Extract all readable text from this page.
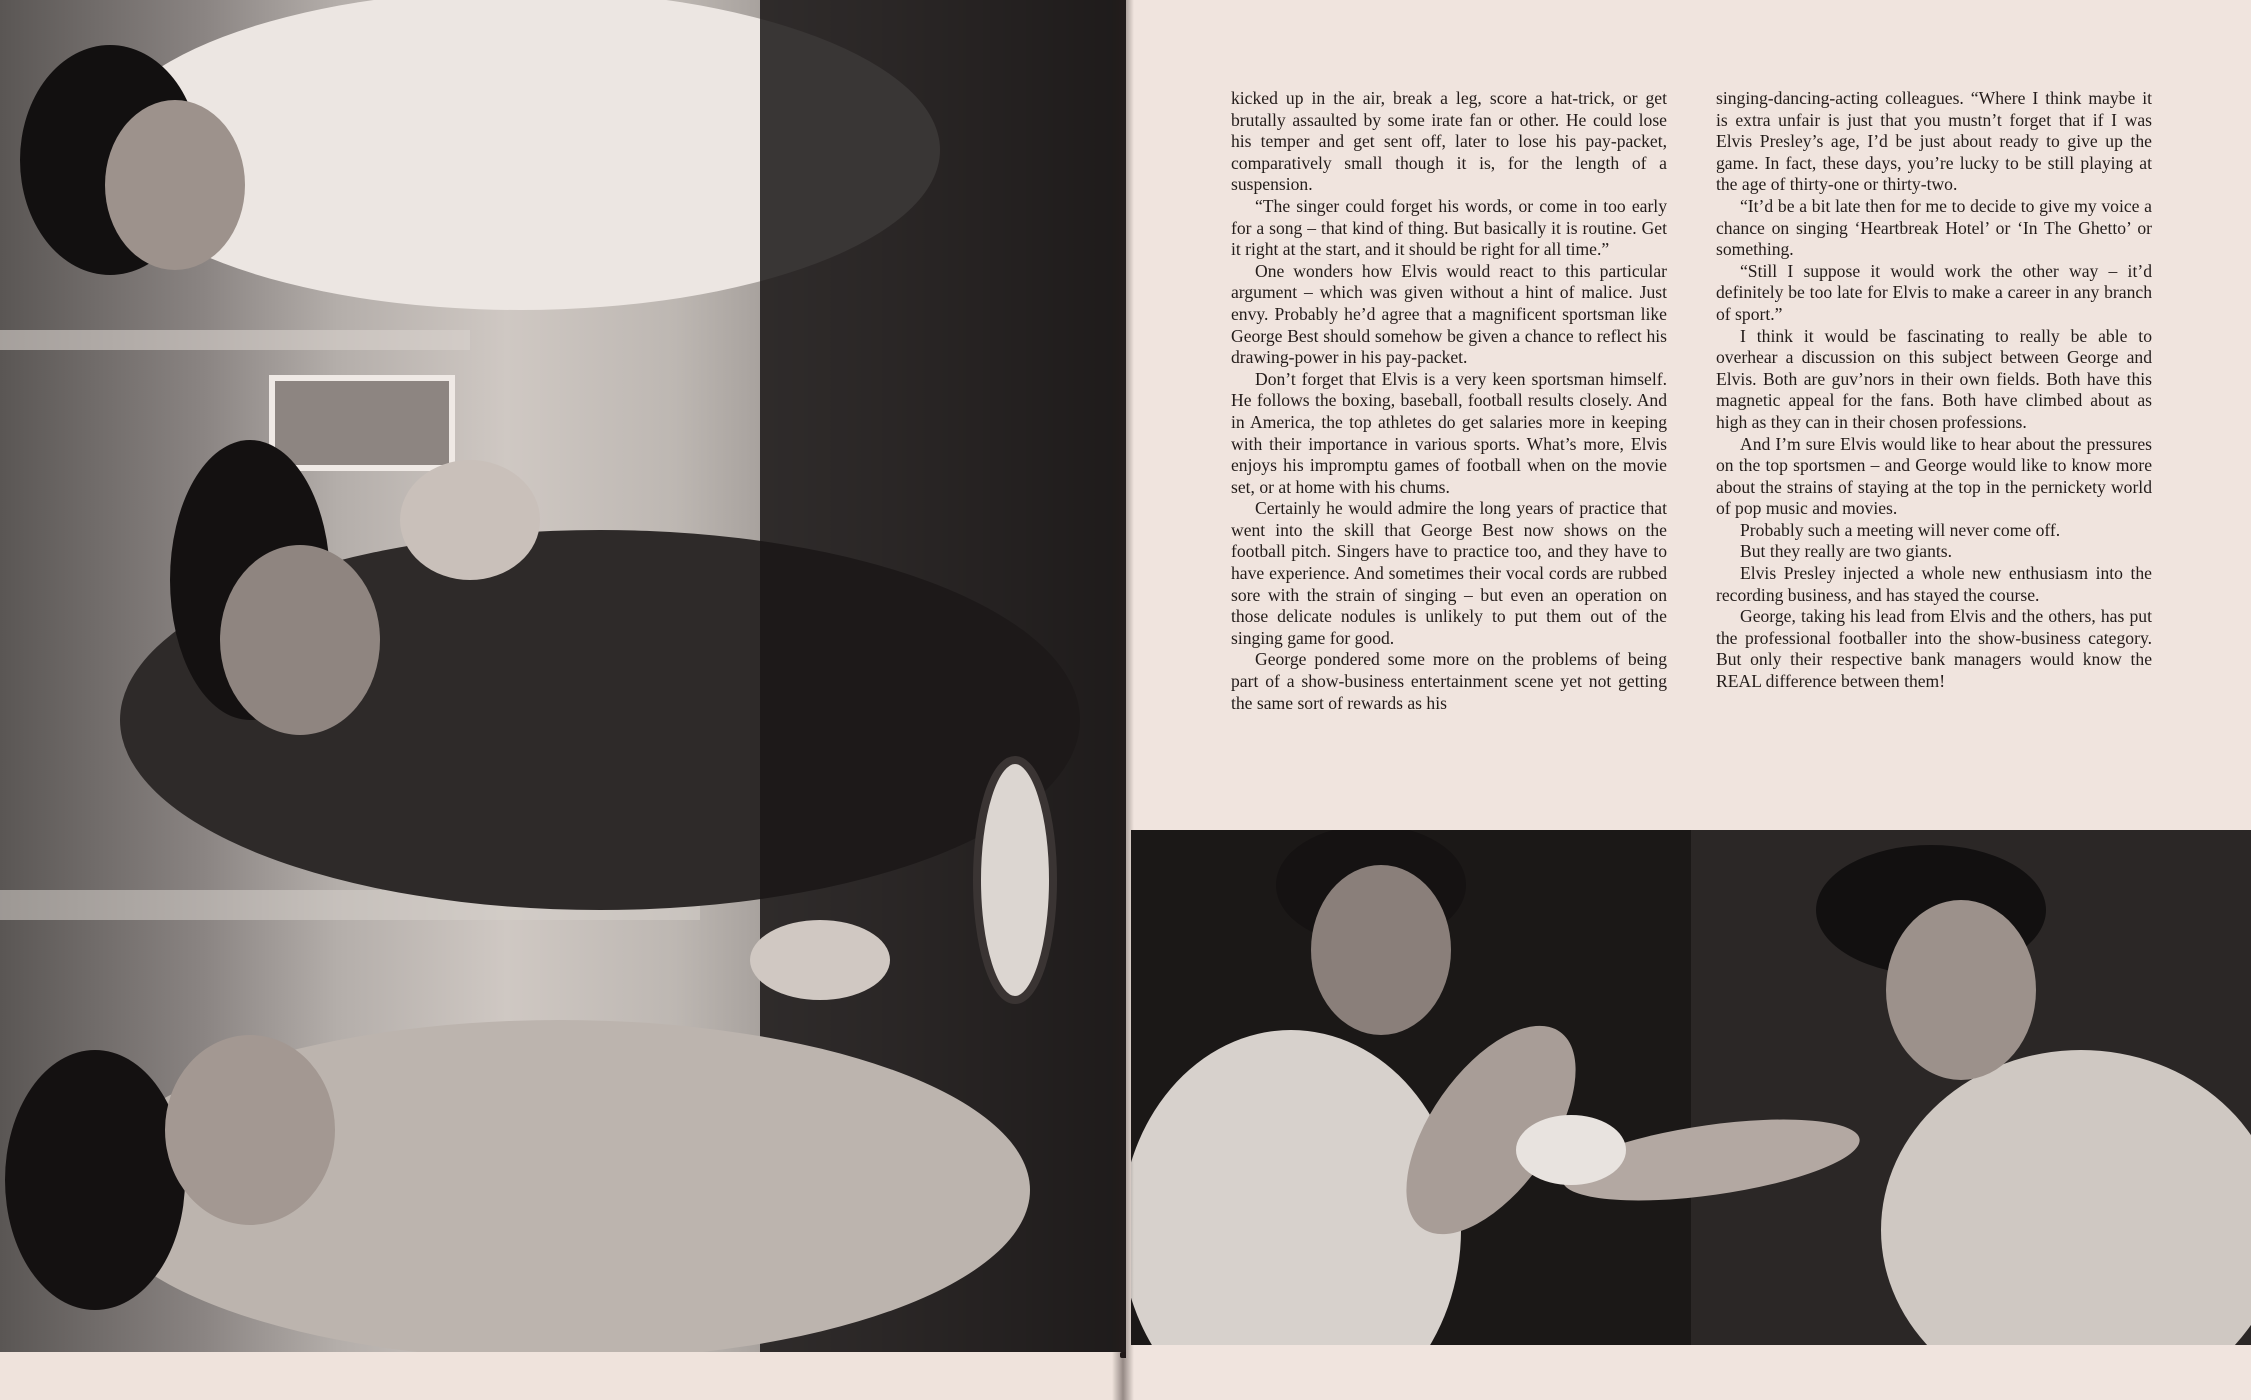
kicked up in the air, break a leg, score a hat-trick, or get brutally assaulted by some irate fan or other. He could lose his temper and get sent off, later to lose his pay-packet, comparatively small though it is, for the length of a suspension.

“The singer could forget his words, or come in too early for a song – that kind of thing. But basically it is routine. Get it right at the start, and it should be right for all time.”

One wonders how Elvis would react to this particular argument – which was given without a hint of malice. Just envy. Probably he’d agree that a magnificent sportsman like George Best should somehow be given a chance to reflect his drawing-power in his pay-packet.

Don’t forget that Elvis is a very keen sportsman himself. He follows the boxing, baseball, football results closely. And in America, the top athletes do get salaries more in keeping with their importance in various sports. What’s more, Elvis enjoys his impromptu games of football when on the movie set, or at home with his chums.

Certainly he would admire the long years of practice that went into the skill that George Best now shows on the football pitch. Singers have to practice too, and they have to have experience. And sometimes their vocal cords are rubbed sore with the strain of singing – but even an operation on those delicate nodules is unlikely to put them out of the singing game for good.

George pondered some more on the problems of being part of a show-business entertainment scene yet not getting the same sort of rewards as his

singing-dancing-acting colleagues. “Where I think maybe it is extra unfair is just that you mustn’t forget that if I was Elvis Presley’s age, I’d be just about ready to give up the game. In fact, these days, you’re lucky to be still playing at the age of thirty-one or thirty-two.

“It’d be a bit late then for me to decide to give my voice a chance on singing ‘Heartbreak Hotel’ or ‘In The Ghetto’ or something.

“Still I suppose it would work the other way – it’d definitely be too late for Elvis to make a career in any branch of sport.”

I think it would be fascinating to really be able to overhear a discussion on this subject between George and Elvis. Both are guv’nors in their own fields. Both have this magnetic appeal for the fans. Both have climbed about as high as they can in their chosen professions.

And I’m sure Elvis would like to hear about the pressures on the top sportsmen – and George would like to know more about the strains of staying at the top in the pernickety world of pop music and movies.

Probably such a meeting will never come off.

But they really are two giants.

Elvis Presley injected a whole new enthusiasm into the recording business, and has stayed the course.

George, taking his lead from Elvis and the others, has put the professional footballer into the show-business category. But only their respective bank managers would know the REAL difference between them!
